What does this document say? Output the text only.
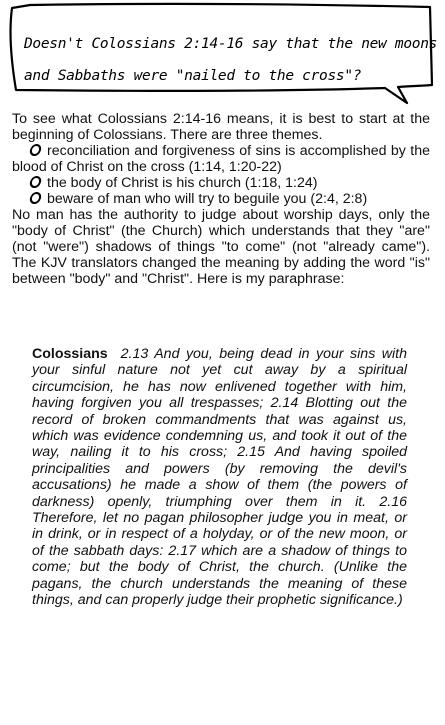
Doesn't Colossians 2:14-16 say that the new moons
and Sabbaths were "nailed to the cross"?

To see what Colossians 2:14-16 means, it is best to start at the beginning of Colossians. There are three themes.

reconciliation and forgiveness of sins is accomplished by the blood of Christ on the cross (1:14, 1:20-22)

the body of Christ is his church (1:18, 1:24)

beware of man who will try to beguile you (2:4, 2:8)

No man has the authority to judge about worship days, only the "body of Christ" (the Church) which understands that they "are" (not "were") shadows of things "to come" (not "already came"). The KJV translators changed the meaning by adding the word "is" between "body" and "Christ". Here is my paraphrase:

Colossians 2.13 And you, being dead in your sins with your sinful nature not yet cut away by a spiritual circumcision, he has now enlivened together with him, having forgiven you all trespasses; 2.14 Blotting out the record of broken commandments that was against us, which was evidence condemning us, and took it out of the way, nailing it to his cross; 2.15 And having spoiled principalities and powers (by removing the devil's accusations) he made a show of them (the powers of darkness) openly, triumphing over them in it. 2.16 Therefore, let no pagan philosopher judge you in meat, or in drink, or in respect of a holyday, or of the new moon, or of the sabbath days: 2.17 which are a shadow of things to come; but the body of Christ, the church. (Unlike the pagans, the church understands the meaning of these things, and can properly judge their prophetic significance.)
